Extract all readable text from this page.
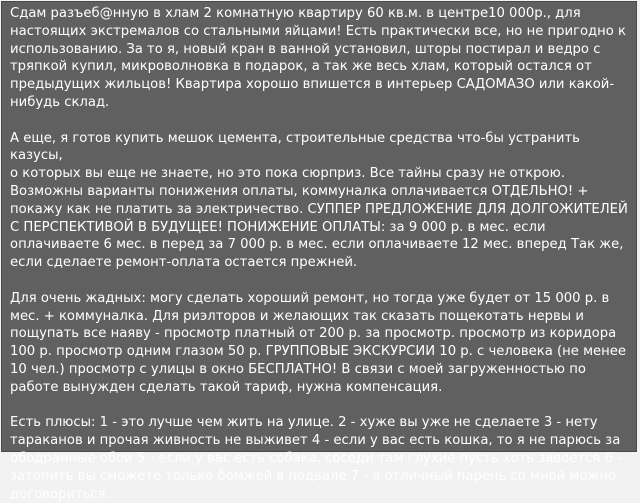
Сдам разъеб@нную в хлам 2 комнатную квартиру 60 кв.м. в центре10 000р., для
настоящих экстремалов со стальными яйцами! Есть практически все, но не пригодно к
использованию. За то я, новый кран в ванной установил, шторы постирал и ведро с
тряпкой купил, микроволновка в подарок, а так же весь хлам, который остался от
предыдущих жильцов! Квартира хорошо впишется в интерьер САДОМАЗО или какой-
нибудь склад.

А еще, я готов купить мешок цемента, строительные средства что-бы устранить казусы,
о которых вы еще не знаете, но это пока сюрприз. Все тайны сразу не открою.
Возможны варианты понижения оплаты, коммуналка оплачивается ОТДЕЛЬНО! +
покажу как не платить за электричество. СУППЕР ПРЕДЛОЖЕНИЕ ДЛЯ ДОЛГОЖИТЕЛЕЙ
С ПЕРСПЕКТИВОЙ В БУДУЩЕЕ! ПОНИЖЕНИЕ ОПЛАТЫ: за 9 000 р. в мес. если
оплачиваете 6 мес. в перед за 7 000 р. в мес. если оплачиваете 12 мес. вперед Так же,
если сделаете ремонт-оплата остается прежней.

Для очень жадных: могу сделать хороший ремонт, но тогда уже будет от 15 000 р. в
мес. + коммуналка. Для риэлторов и желающих так сказать пощекотать нервы и
пощупать все наяву - просмотр платный от 200 р. за просмотр. просмотр из коридора
100 р. просмотр одним глазом 50 р. ГРУППОВЫЕ ЭКСКУРСИИ 10 р. с человека (не менее
10 чел.) просмотр с улицы в окно БЕСПЛАТНО! В связи с моей загруженностью по
работе вынужден сделать такой тариф, нужна компенсация.

Есть плюсы: 1 - это лучше чем жить на улице. 2 - хуже вы уже не сделаете 3 - нету
тараканов и прочая живность не выживет 4 - если у вас есть кошка, то я не парюсь за
ободранные обои 5 - если у вас есть собака, соседи там глухие пусть хоть завоется 6 -
затопить вы сможете только бомжей в подвале 7 - я отличный парень со мной можно
договориться.
